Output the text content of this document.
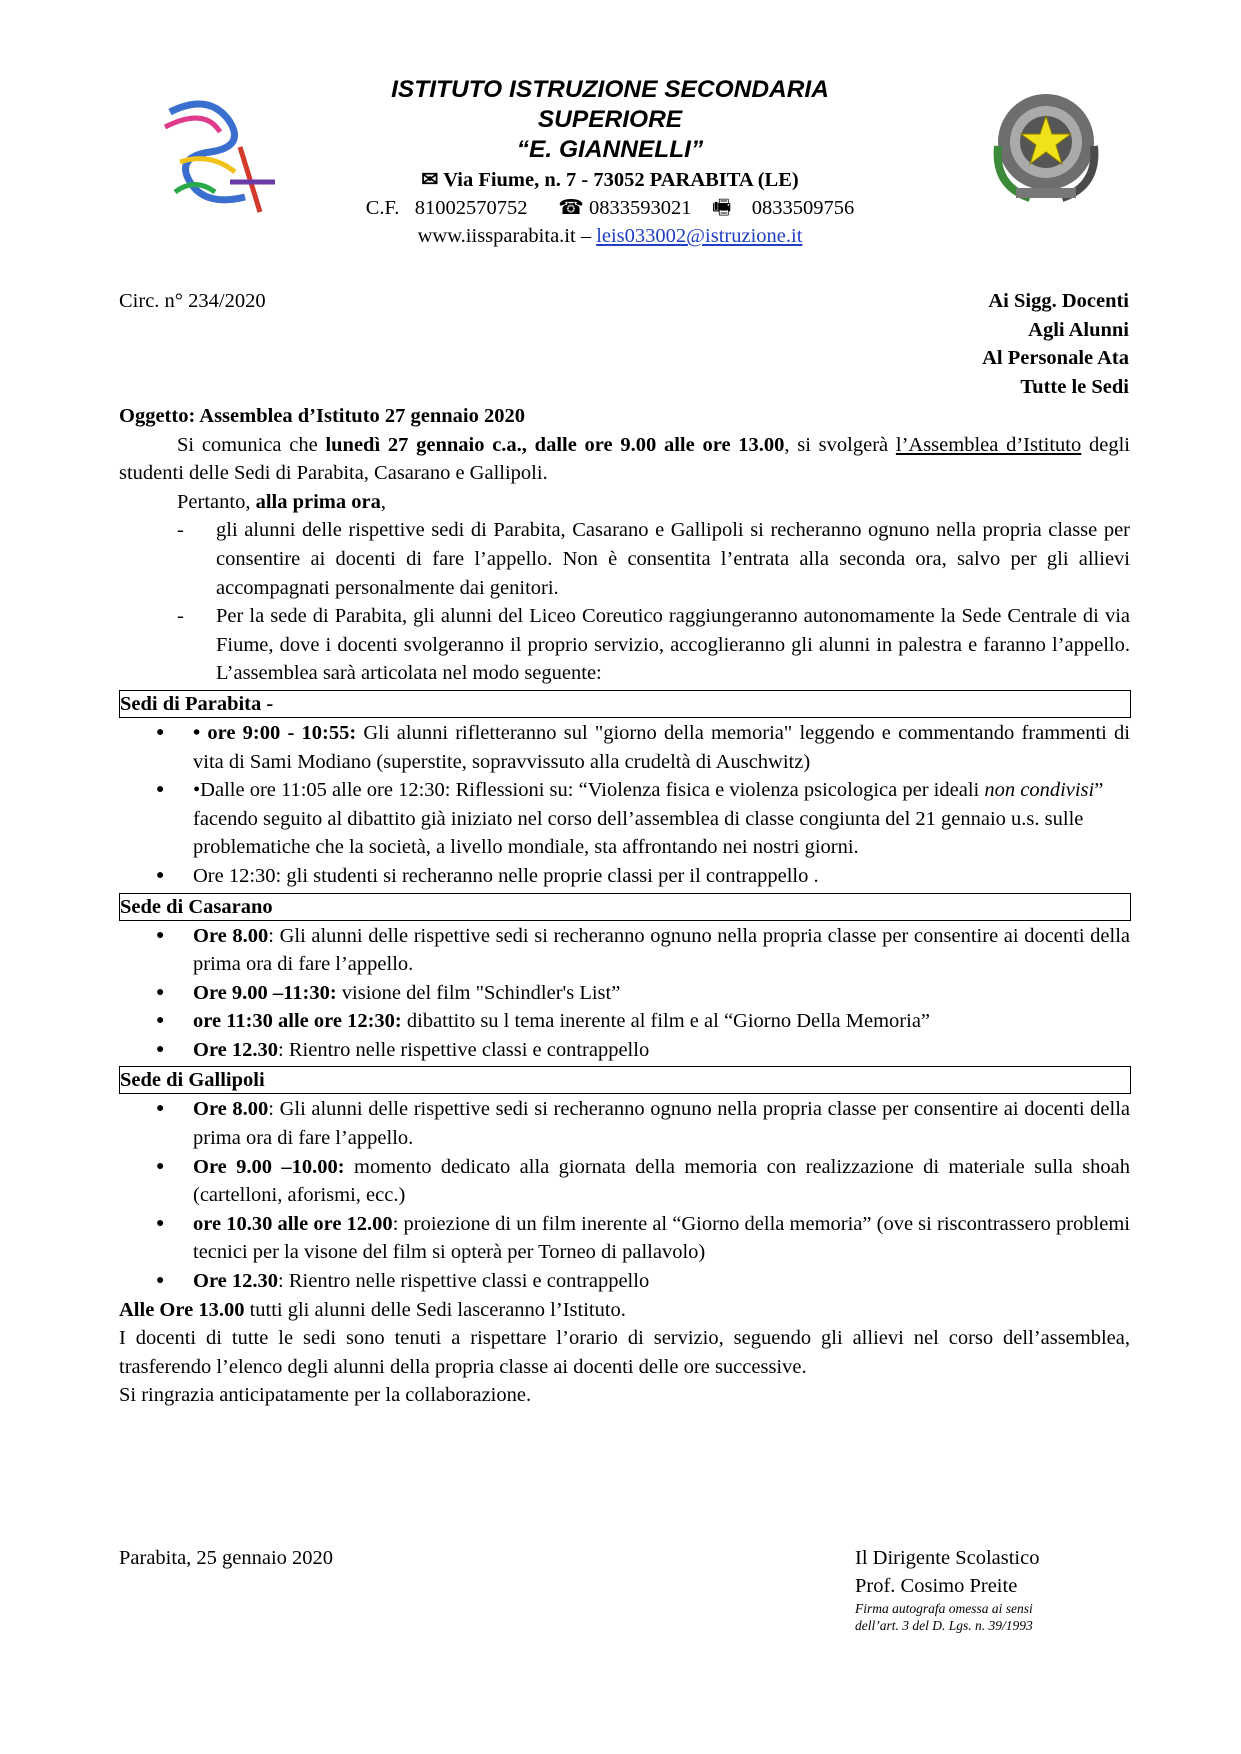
ISTITUTO ISTRUZIONE SECONDARIA
SUPERIORE
“E. GIANNELLI”
✉ Via Fiume, n. 7 - 73052 PARABITA (LE)
C.F. 81002570752 ☎ 0833593021 🖷 0833509756
www.iissparabita.it – leis033002@istruzione.it
Circ. n° 234/2020	Ai Sigg. Docenti
Agli Alunni
Al Personale Ata
Tutte le Sedi

Oggetto: Assemblea d’Istituto 27 gennaio 2020

Si comunica che lunedì 27 gennaio c.a., dalle ore 9.00 alle ore 13.00, si svolgerà l’Assemblea d’Istituto degli studenti delle Sedi di Parabita, Casarano e Gallipoli.

Pertanto, alla prima ora,

-	gli alunni delle rispettive sedi di Parabita, Casarano e Gallipoli si recheranno ognuno nella propria classe per consentire ai docenti di fare l’appello. Non è consentita l’entrata alla seconda ora, salvo per gli allievi accompagnati personalmente dai genitori.
-	Per la sede di Parabita, gli alunni del Liceo Coreutico raggiungeranno autonomamente la Sede Centrale di via Fiume, dove i docenti svolgeranno il proprio servizio, accoglieranno gli alunni in palestra e faranno l’appello. L’assemblea sarà articolata nel modo seguente:
Sedi di Parabita -
●	• ore 9:00 - 10:55: Gli alunni rifletteranno sul "giorno della memoria" leggendo e commentando frammenti di vita di Sami Modiano (superstite, sopravvissuto alla crudeltà di Auschwitz)
●	•Dalle ore 11:05 alle ore 12:30: Riflessioni su: “Violenza fisica e violenza psicologica per ideali non condivisi” facendo seguito al dibattito già iniziato nel corso dell’assemblea di classe congiunta del 21 gennaio u.s. sulle problematiche che la società, a livello mondiale, sta affrontando nei nostri giorni.
●	Ore 12:30: gli studenti si recheranno nelle proprie classi per il contrappello .
Sede di Casarano
●	Ore 8.00: Gli alunni delle rispettive sedi si recheranno ognuno nella propria classe per consentire ai docenti della prima ora di fare l’appello.
●	Ore 9.00 –11:30: visione del film "Schindler's List”
●	ore 11:30 alle ore 12:30: dibattito su l tema inerente al film e al “Giorno Della Memoria”
●	Ore 12.30: Rientro nelle rispettive classi e contrappello
Sede di Gallipoli
●	Ore 8.00: Gli alunni delle rispettive sedi si recheranno ognuno nella propria classe per consentire ai docenti della prima ora di fare l’appello.
●	Ore 9.00 –10.00: momento dedicato alla giornata della memoria con realizzazione di materiale sulla shoah (cartelloni, aforismi, ecc.)
●	ore 10.30 alle ore 12.00: proiezione di un film inerente al “Giorno della memoria” (ove si riscontrassero problemi tecnici per la visone del film si opterà per Torneo di pallavolo)
●	Ore 12.30: Rientro nelle rispettive classi e contrappello

Alle Ore 13.00 tutti gli alunni delle Sedi lasceranno l’Istituto.

I docenti di tutte le sedi sono tenuti a rispettare l’orario di servizio, seguendo gli allievi nel corso dell’assemblea, trasferendo l’elenco degli alunni della propria classe ai docenti delle ore successive.

Si ringrazia anticipatamente per la collaborazione.

Parabita, 25 gennaio 2020	Il Dirigente Scolastico
Prof. Cosimo Preite
Firma autografa omessa ai sensi
dell’art. 3 del D. Lgs. n. 39/1993
